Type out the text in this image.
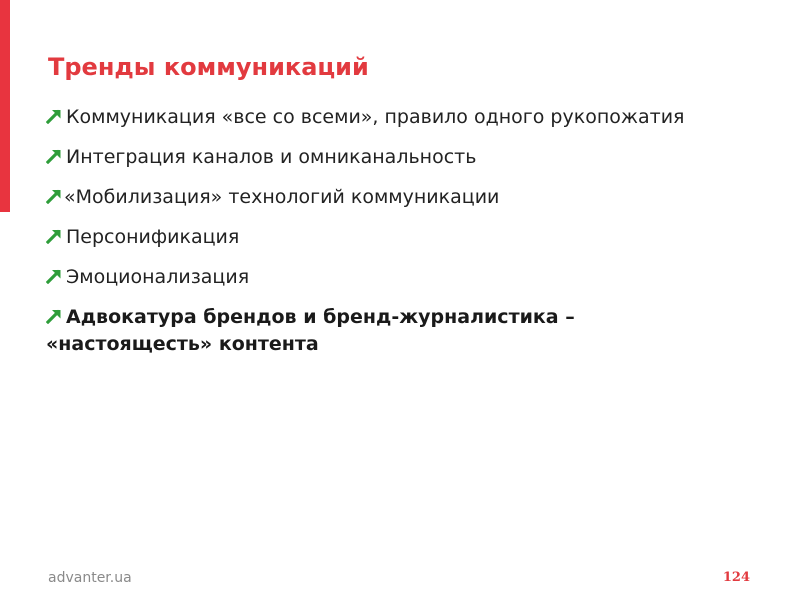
Тренды коммуникаций
Коммуникация «все со всеми», правило одного рукопожатия
Интеграция каналов и омниканальность
«Мобилизация» технологий коммуникации
Персонификация
Эмоционализация
Адвокатура брендов и бренд-журналистика – «настоящесть» контента
advanter.ua	124
